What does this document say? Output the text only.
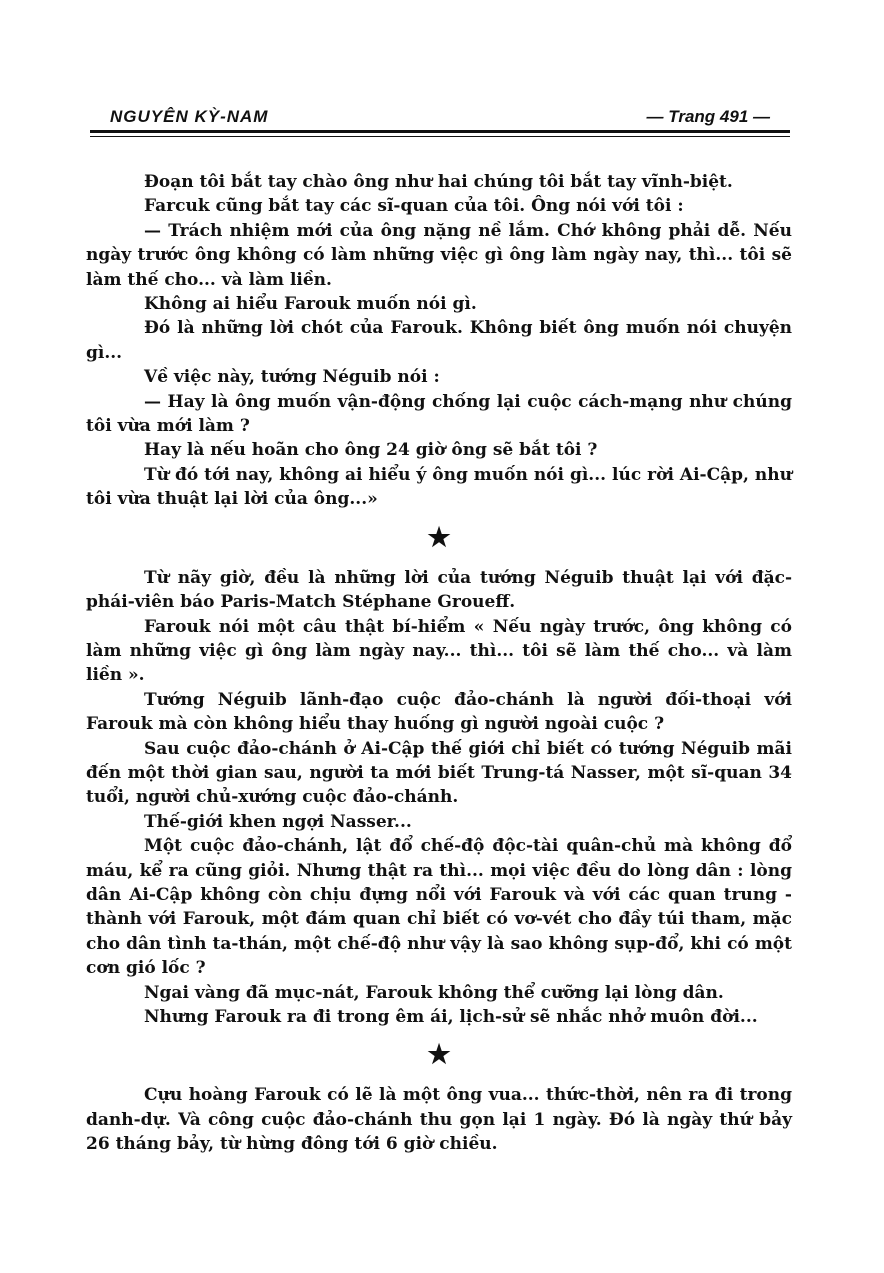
NGUYÊN KỲ-NAM	— Trang 491 —

Đoạn tôi bắt tay chào ông như hai chúng tôi bắt tay vĩnh-biệt.

Farcuk cũng bắt tay các sĩ-quan của tôi. Ông nói với tôi :

— Trách nhiệm mới của ông nặng nề lắm. Chớ không phải dễ. Nếu ngày trước ông không có làm những việc gì ông làm ngày nay, thì... tôi sẽ làm thế cho... và làm liền.

Không ai hiểu Farouk muốn nói gì.

Đó là những lời chót của Farouk. Không biết ông muốn nói chuyện gì...

Về việc này, tướng Néguib nói :

— Hay là ông muốn vận-động chống lại cuộc cách-mạng như chúng tôi vừa mới làm ?

Hay là nếu hoãn cho ông 24 giờ ông sẽ bắt tôi ?

Từ đó tới nay, không ai hiểu ý ông muốn nói gì... lúc rời Ai-Cập, như tôi vừa thuật lại lời của ông...»

★

Từ nãy giờ, đều là những lời của tướng Néguib thuật lại với đặc-phái-viên báo Paris-Match Stéphane Groueff.

Farouk nói một câu thật bí-hiểm « Nếu ngày trước, ông không có làm những việc gì ông làm ngày nay... thì... tôi sẽ làm thế cho... và làm liền ».

Tướng Néguib lãnh-đạo cuộc đảo-chánh là người đối-thoại với Farouk mà còn không hiểu thay huống gì người ngoài cuộc ?

Sau cuộc đảo-chánh ở Ai-Cập thế giới chỉ biết có tướng Néguib mãi đến một thời gian sau, người ta mới biết Trung-tá Nasser, một sĩ-quan 34 tuổi, người chủ-xướng cuộc đảo-chánh.

Thế-giới khen ngợi Nasser...

Một cuộc đảo-chánh, lật đổ chế-độ độc-tài quân-chủ mà không đổ máu, kể ra cũng giỏi. Nhưng thật ra thì... mọi việc đều do lòng dân : lòng dân Ai-Cập không còn chịu đựng nổi với Farouk và với các quan trung - thành với Farouk, một đám quan chỉ biết có vơ-vét cho đầy túi tham, mặc cho dân tình ta-thán, một chế-độ như vậy là sao không sụp-đổ, khi có một cơn gió lốc ?

Ngai vàng đã mục-nát, Farouk không thể cưỡng lại lòng dân.

Nhưng Farouk ra đi trong êm ái, lịch-sử sẽ nhắc nhở muôn đời...

★

Cựu hoàng Farouk có lẽ là một ông vua... thức-thời, nên ra đi trong danh-dự. Và công cuộc đảo-chánh thu gọn lại 1 ngày. Đó là ngày thứ bảy 26 tháng bảy, từ hừng đông tới 6 giờ chiều.
